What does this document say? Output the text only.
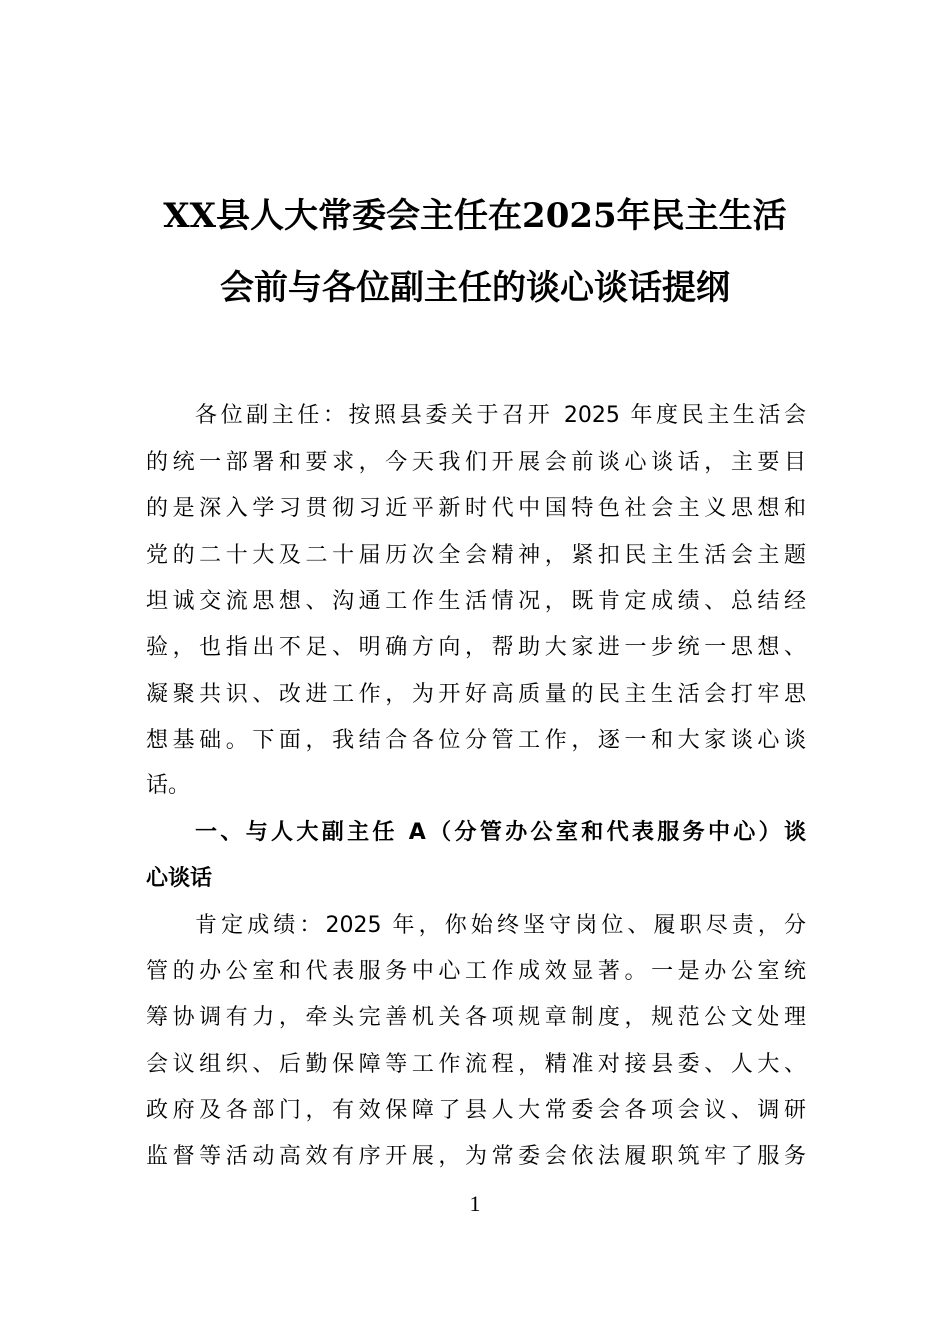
XX县人大常委会主任在2025年民主生活
会前与各位副主任的谈心谈话提纲
各位副主任：按照县委关于召开 2025 年度民主生活会
的统一部署和要求，今天我们开展会前谈心谈话，主要目
的是深入学习贯彻习近平新时代中国特色社会主义思想和
党的二十大及二十届历次全会精神，紧扣民主生活会主题
坦诚交流思想、沟通工作生活情况，既肯定成绩、总结经
验，也指出不足、明确方向，帮助大家进一步统一思想、
凝聚共识、改进工作，为开好高质量的民主生活会打牢思
想基础。下面，我结合各位分管工作，逐一和大家谈心谈
话。
一、与人大副主任 A（分管办公室和代表服务中心）谈
心谈话
肯定成绩：2025 年，你始终坚守岗位、履职尽责，分
管的办公室和代表服务中心工作成效显著。一是办公室统
筹协调有力，牵头完善机关各项规章制度，规范公文处理
会议组织、后勤保障等工作流程，精准对接县委、人大、
政府及各部门，有效保障了县人大常委会各项会议、调研
监督等活动高效有序开展，为常委会依法履职筑牢了服务
1
